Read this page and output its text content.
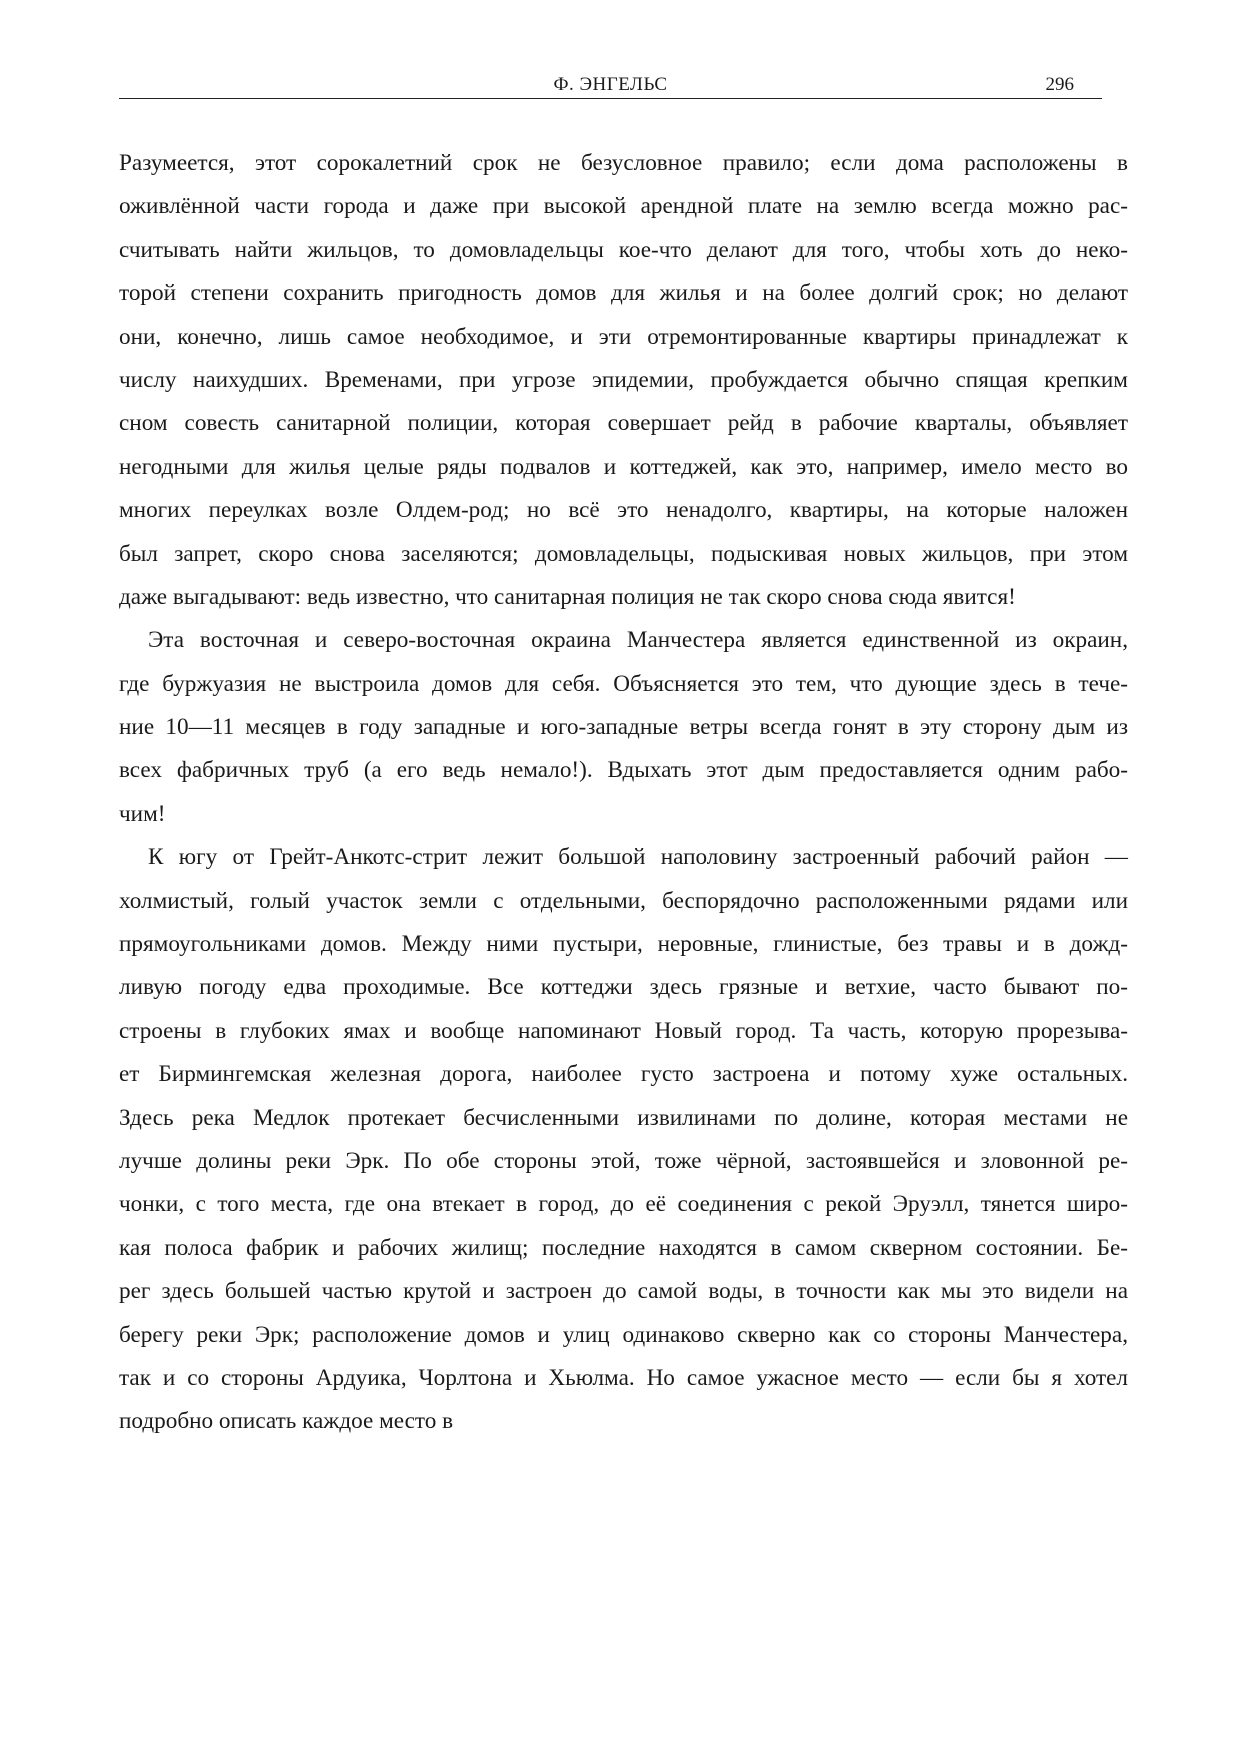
Ф. ЭНГЕЛЬС	296
Разумеется, этот сорокалетний срок не безусловное правило; если дома расположены в
оживлённой части города и даже при высокой арендной плате на землю всегда можно рас-
считывать найти жильцов, то домовладельцы кое-что делают для того, чтобы хоть до неко-
торой степени сохранить пригодность домов для жилья и на более долгий срок; но делают
они, конечно, лишь самое необходимое, и эти отремонтированные квартиры принадлежат к
числу наихудших. Временами, при угрозе эпидемии, пробуждается обычно спящая крепким
сном совесть санитарной полиции, которая совершает рейд в рабочие кварталы, объявляет
негодными для жилья целые ряды подвалов и коттеджей, как это, например, имело место во
многих переулках возле Олдем-род; но всё это ненадолго, квартиры, на которые наложен
был запрет, скоро снова заселяются; домовладельцы, подыскивая новых жильцов, при этом
даже выгадывают: ведь известно, что санитарная полиция не так скоро снова сюда явится!
Эта восточная и северо-восточная окраина Манчестера является единственной из окраин,
где буржуазия не выстроила домов для себя. Объясняется это тем, что дующие здесь в тече-
ние 10—11 месяцев в году западные и юго-западные ветры всегда гонят в эту сторону дым из
всех фабричных труб (а его ведь немало!). Вдыхать этот дым предоставляется одним рабо-
чим!
К югу от Грейт-Анкотс-стрит лежит большой наполовину застроенный рабочий район —
холмистый, голый участок земли с отдельными, беспорядочно расположенными рядами или
прямоугольниками домов. Между ними пустыри, неровные, глинистые, без травы и в дожд-
ливую погоду едва проходимые. Все коттеджи здесь грязные и ветхие, часто бывают по-
строены в глубоких ямах и вообще напоминают Новый город. Та часть, которую прорезыва-
ет Бирмингемская железная дорога, наиболее густо застроена и потому хуже остальных.
Здесь река Медлок протекает бесчисленными извилинами по долине, которая местами не
лучше долины реки Эрк. По обе стороны этой, тоже чёрной, застоявшейся и зловонной ре-
чонки, с того места, где она втекает в город, до её соединения с рекой Эруэлл, тянется широ-
кая полоса фабрик и рабочих жилищ; последние находятся в самом скверном состоянии. Бе-
рег здесь большей частью крутой и застроен до самой воды, в точности как мы это видели на
берегу реки Эрк; расположение домов и улиц одинаково скверно как со стороны Манчестера,
так и со стороны Ардуика, Чорлтона и Хьюлма. Но самое ужасное место — если бы я хотел
подробно описать каждое место в
